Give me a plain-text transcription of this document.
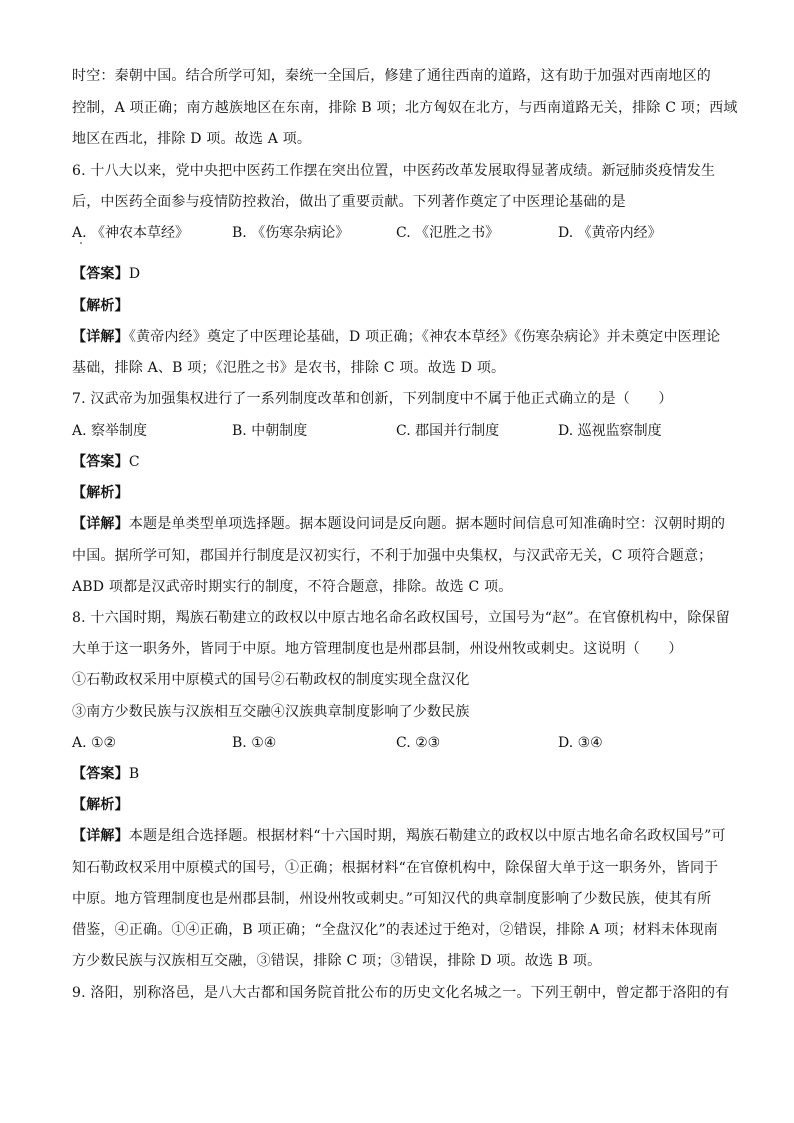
时空：秦朝中国。结合所学可知，秦统一全国后，修建了通往西南的道路，这有助于加强对西南地区的
控制，A 项正确；南方越族地区在东南，排除 B 项；北方匈奴在北方，与西南道路无关，排除 C 项；西域
地区在西北，排除 D 项。故选 A 项。
6. 十八大以来，党中央把中医药工作摆在突出位置，中医药改革发展取得显著成绩。新冠肺炎疫情发生
后，中医药全面参与疫情防控救治，做出了重要贡献。下列著作奠定了中医理论基础的是
A. 《神农本草经》	B. 《伤寒杂病论》	C. 《氾胜之书》	D. 《黄帝内经》
【答案】D
【解析】
【详解】《黄帝内经》奠定了中医理论基础，D 项正确；《神农本草经》《伤寒杂病论》并未奠定中医理论
基础，排除 A、B 项；《氾胜之书》是农书，排除 C 项。故选 D 项。
7. 汉武帝为加强集权进行了一系列制度改革和创新，下列制度中不属于他正式确立的是（　　）
A. 察举制度	B. 中朝制度	C. 郡国并行制度	D. 巡视监察制度
【答案】C
【解析】
【详解】本题是单类型单项选择题。据本题设问词是反向题。据本题时间信息可知准确时空：汉朝时期的
中国。据所学可知，郡国并行制度是汉初实行，不利于加强中央集权，与汉武帝无关，C 项符合题意；
ABD 项都是汉武帝时期实行的制度，不符合题意，排除。故选 C 项。
8. 十六国时期，羯族石勒建立的政权以中原古地名命名政权国号，立国号为“赵”。在官僚机构中，除保留
大单于这一职务外，皆同于中原。地方管理制度也是州郡县制，州设州牧或刺史。这说明（　　）
①石勒政权采用中原模式的国号②石勒政权的制度实现全盘汉化
③南方少数民族与汉族相互交融④汉族典章制度影响了少数民族
A. ①②	B. ①④	C. ②③	D. ③④
【答案】B
【解析】
【详解】本题是组合选择题。根据材料“十六国时期，羯族石勒建立的政权以中原古地名命名政权国号”可
知石勒政权采用中原模式的国号，①正确；根据材料“在官僚机构中，除保留大单于这一职务外，皆同于
中原。地方管理制度也是州郡县制，州设州牧或刺史。”可知汉代的典章制度影响了少数民族，使其有所
借鉴，④正确。①④正确，B 项正确；“全盘汉化”的表述过于绝对，②错误，排除 A 项；材料未体现南
方少数民族与汉族相互交融，③错误，排除 C 项；③错误，排除 D 项。故选 B 项。
9. 洛阳，别称洛邑，是八大古都和国务院首批公布的历史文化名城之一。下列王朝中，曾定都于洛阳的有
